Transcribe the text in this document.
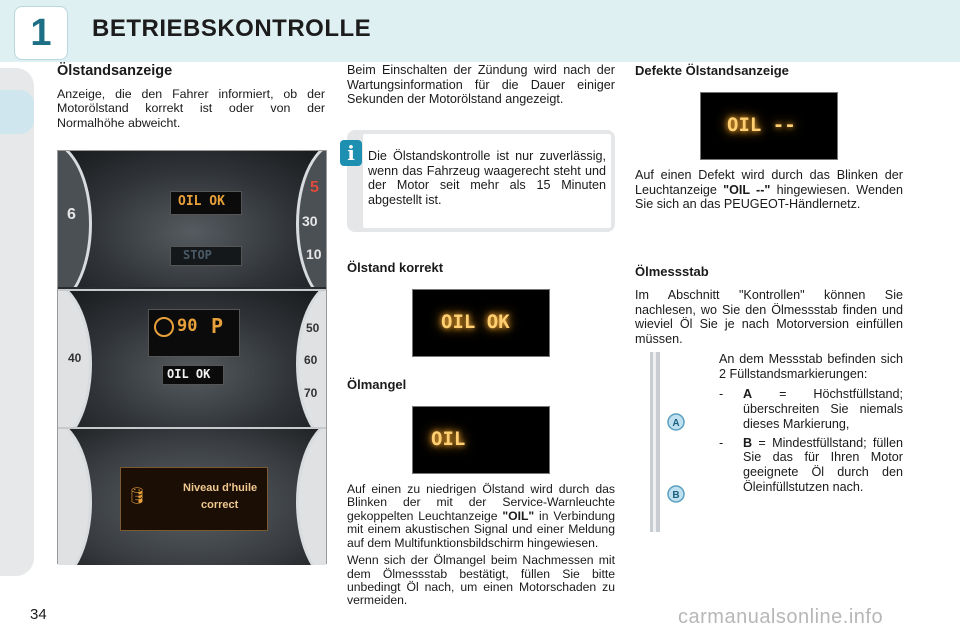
1	BETRIEBSKONTROLLE
Ölstandsanzeige

Anzeige, die den Fahrer informiert, ob der Motorölstand korrekt ist oder von der Normalhöhe abweicht.

OIL OK
STOP
6
5
30
10
90 P
OIL OK
40
50
60
70
🛢	Niveau d'huile
correct

Beim Einschalten der Zündung wird nach der Wartungsinformation für die Dauer einiger Sekunden der Motorölstand angezeigt.

Die Ölstandskontrolle ist nur zuverlässig, wenn das Fahrzeug waagerecht steht und der Motor seit mehr als 15 Minuten abgestellt ist.

i
Ölstand korrekt
OIL OK
Ölmangel
OIL

Auf einen zu niedrigen Ölstand wird durch das Blinken der mit der Service-Warnleuchte gekoppelten Leuchtanzeige "OIL" in Verbindung mit einem akustischen Signal und einer Meldung auf dem Multifunktionsbildschirm hingewiesen.

Wenn sich der Ölmangel beim Nachmessen mit dem Ölmessstab bestätigt, füllen Sie bitte unbedingt Öl nach, um einen Motorschaden zu vermeiden.

Defekte Ölstandsanzeige
OIL --

Auf einen Defekt wird durch das Blinken der Leuchtanzeige "OIL --" hingewiesen. Wenden Sie sich an das PEUGEOT-Händlernetz.

Ölmessstab

Im Abschnitt "Kontrollen" können Sie nachlesen, wo Sie den Ölmessstab finden und wieviel Öl Sie je nach Motorversion einfüllen müssen.

A
B

An dem Messstab befinden sich 2 Füllstandsmarkierungen:

-	A = Höchstfüllstand; überschreiten Sie niemals dieses Markierung,
-	B = Mindestfüllstand; füllen Sie das für Ihren Motor geeignete Öl durch den Öleinfüllstutzen nach.
34	carmanualsonline.info
